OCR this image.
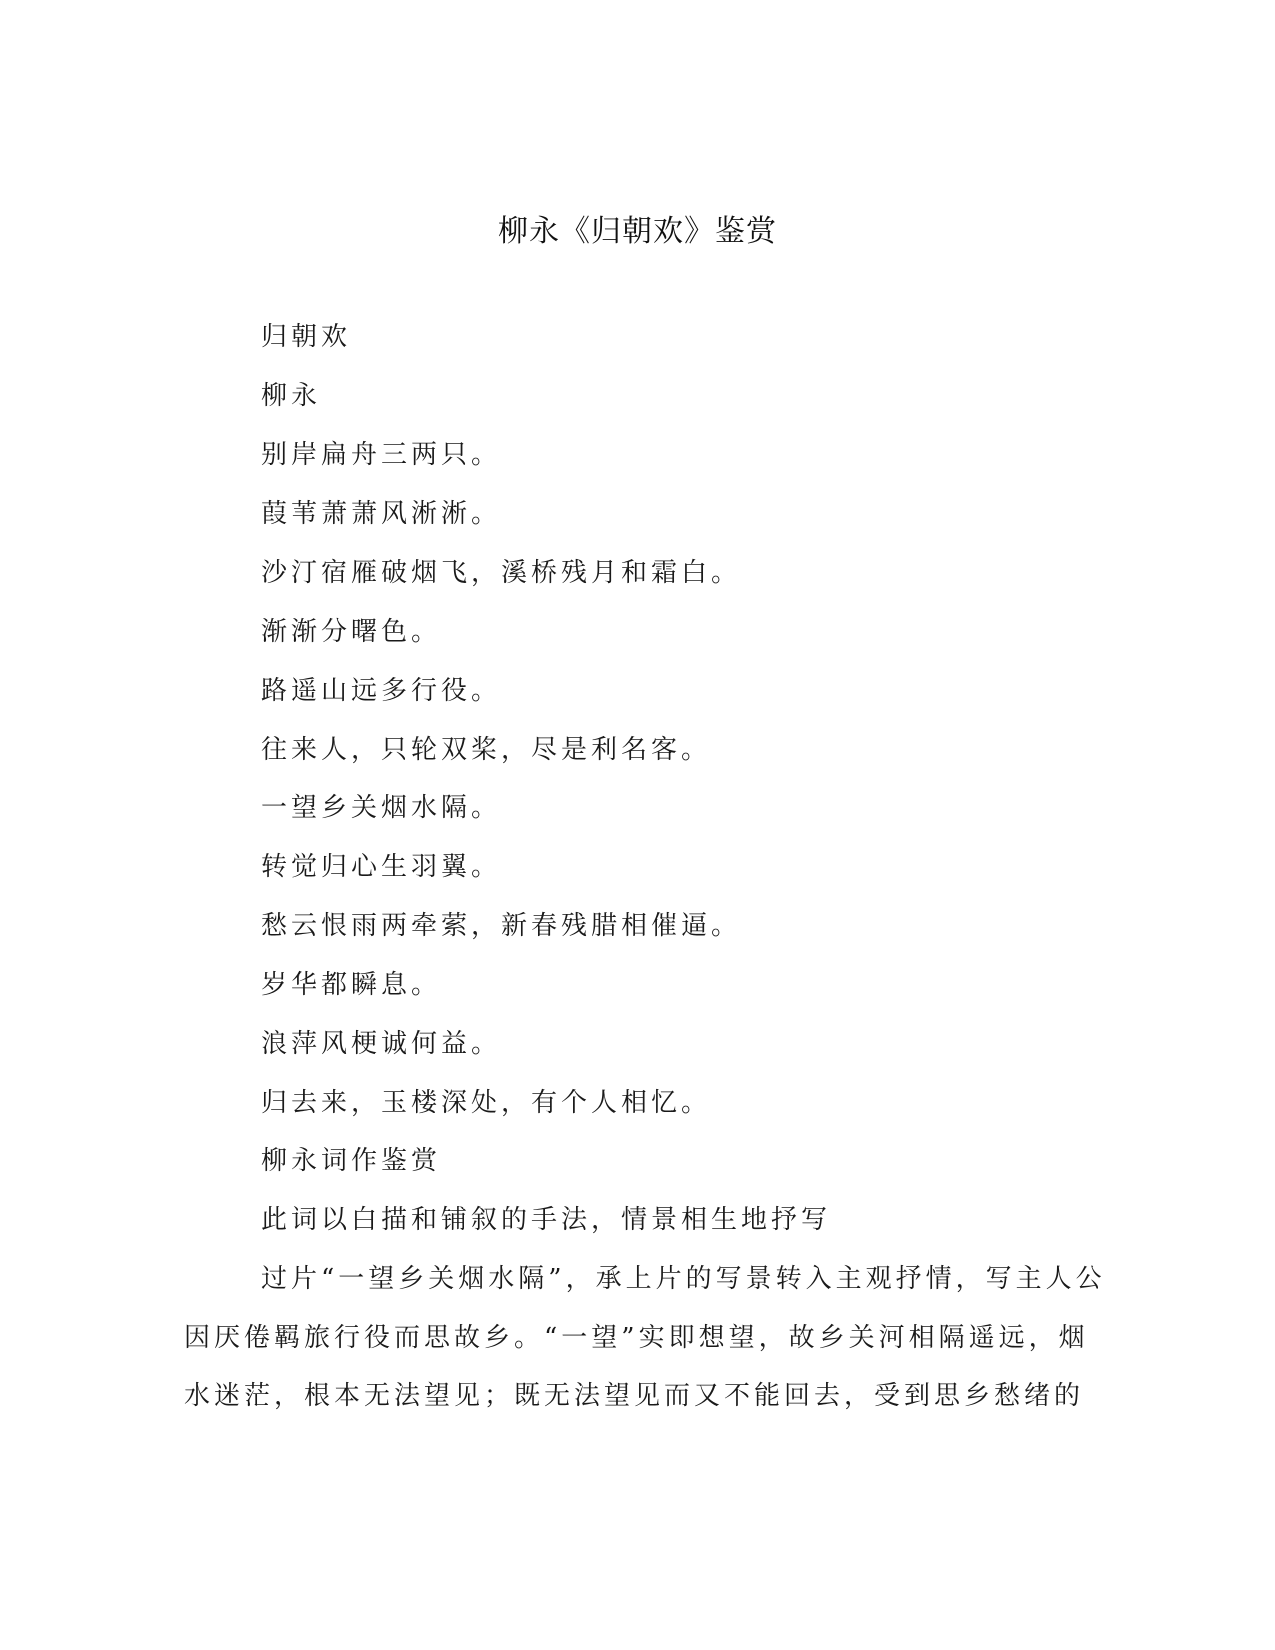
柳永《归朝欢》鉴赏
归朝欢
柳永
别岸扁舟三两只。
葭苇萧萧风淅淅。
沙汀宿雁破烟飞，溪桥残月和霜白。
渐渐分曙色。
路遥山远多行役。
往来人，只轮双桨，尽是利名客。
一望乡关烟水隔。
转觉归心生羽翼。
愁云恨雨两牵萦，新春残腊相催逼。
岁华都瞬息。
浪萍风梗诚何益。
归去来，玉楼深处，有个人相忆。
柳永词作鉴赏
此词以白描和铺叙的手法，情景相生地抒写
过片“一望乡关烟水隔”，承上片的写景转入主观抒情，写主人公
因厌倦羁旅行役而思故乡。“一望”实即想望，故乡关河相隔遥远，烟
水迷茫，根本无法望见；既无法望见而又不能回去，受到思乡愁绪的
